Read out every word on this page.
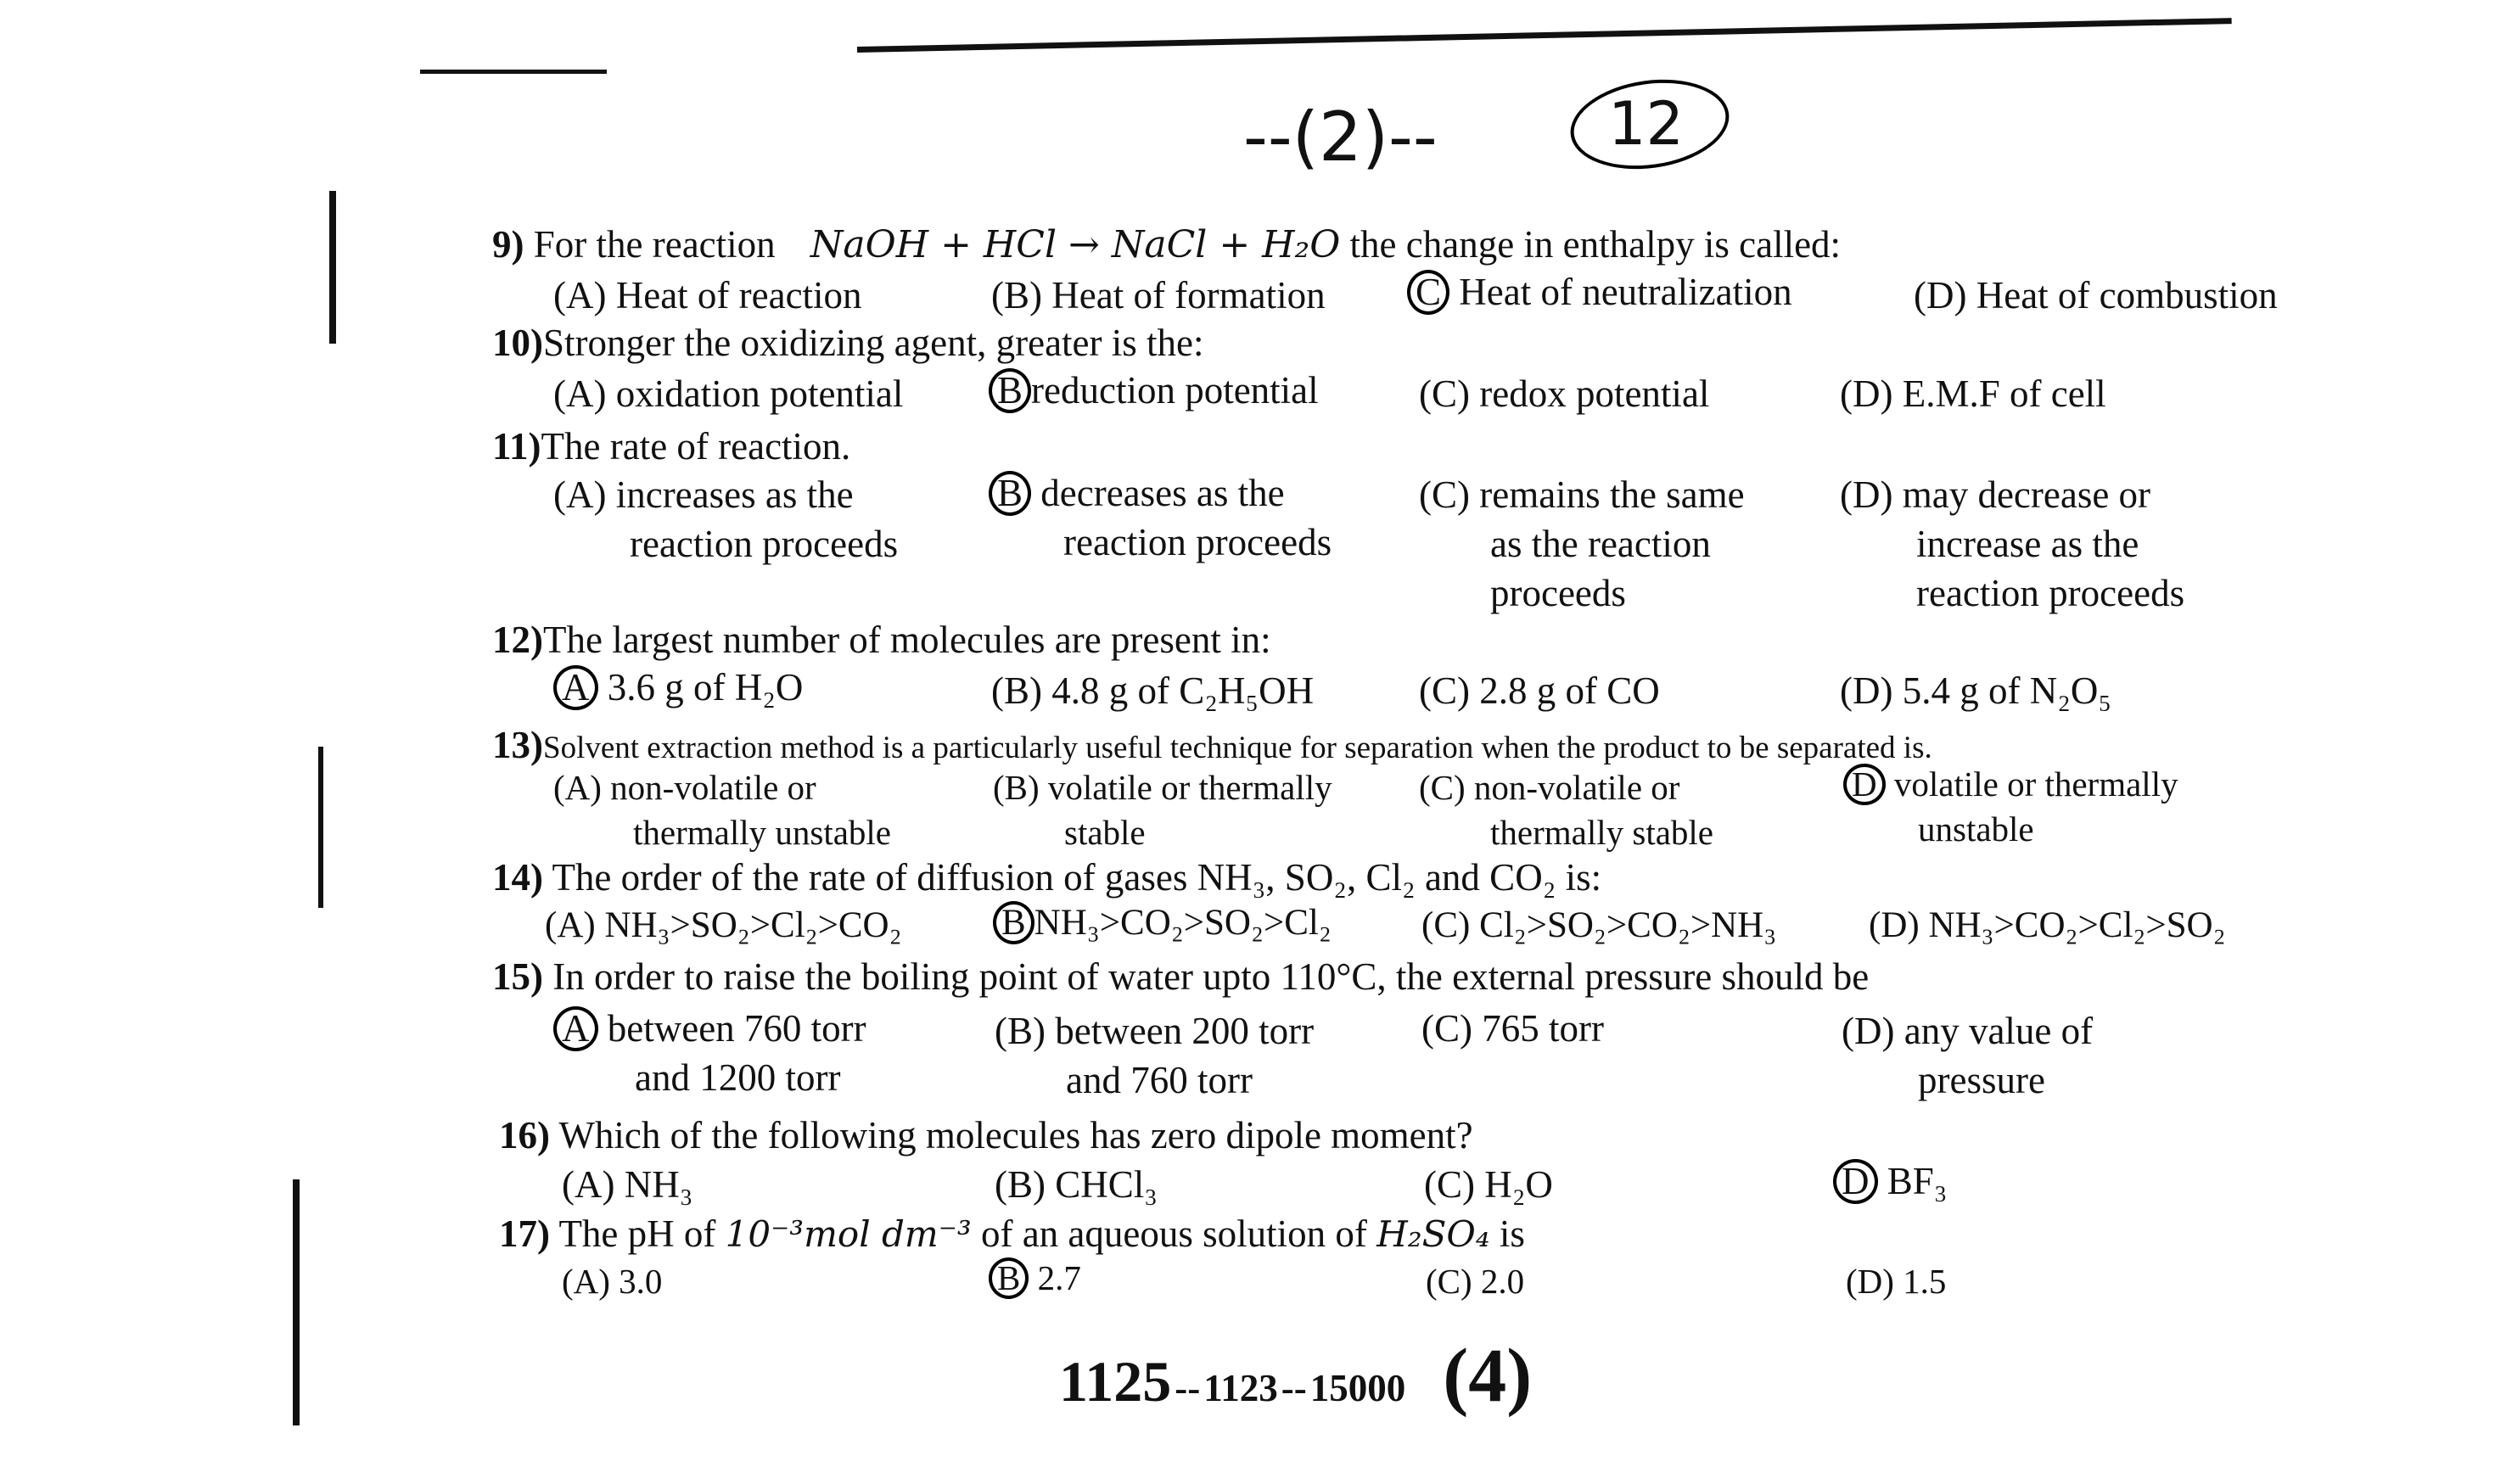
--(2)--	12
9) For the reaction NaOH + HCl → NaCl + H₂O the change in enthalpy is called:
(A) Heat of reaction	(B) Heat of formation C Heat of neutralization	(D) Heat of combustion
10)Stronger the oxidizing agent, greater is the:
(A) oxidation potential B reduction potential	(C) redox potential	(D) E.M.F of cell
11)The rate of reaction.
(A) increases as the
reaction proceeds
B decreases as the
reaction proceeds
(C) remains the same
as the reaction
proceeds
(D) may decrease or
increase as the
reaction proceeds
12)The largest number of molecules are present in:
A 3.6 g of H₂O	(B) 4.8 g of C₂H₅OH	(C) 2.8 g of CO	(D) 5.4 g of N₂O₅
13)Solvent extraction method is a particularly useful technique for separation when the product to be separated is.
(A) non-volatile or
thermally unstable
(B) volatile or thermally
stable
(C) non-volatile or
thermally stable
D volatile or thermally
unstable
14) The order of the rate of diffusion of gases NH₃, SO₂, Cl₂ and CO₂ is:
(A) NH₃>SO₂>Cl₂>CO₂	B NH₃>CO₂>SO₂>Cl₂ (C) Cl₂>SO₂>CO₂>NH₃	(D) NH₃>CO₂>Cl₂>SO₂
15) In order to raise the boiling point of water upto 110°C, the external pressure should be
A between 760 torr
and 1200 torr
(B) between 200 torr
and 760 torr
(C) 765 torr	(D) any value of
pressure
16) Which of the following molecules has zero dipole moment?
(A) NH₃	(B) CHCl₃	(C) H₂O	D BF₃
17) The pH of 10⁻³mol dm⁻³ of an aqueous solution of H₂SO₄ is
(A) 3.0	B 2.7	(C) 2.0	(D) 1.5
1125 -- 1123 -- 15000 (4)
